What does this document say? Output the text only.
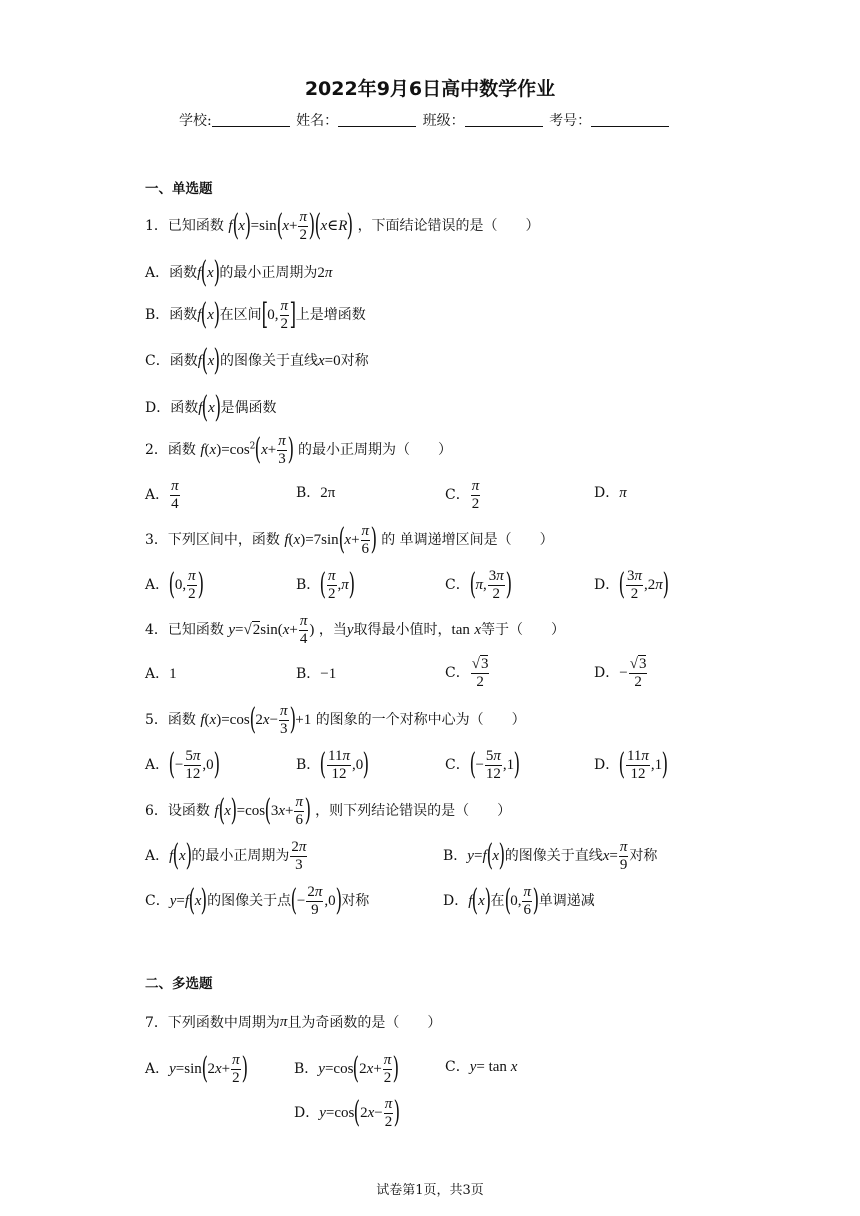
2022年9月6日高中数学作业
学校:	姓名：	班级：	考号：
一、单选题
1．已知函数 $f(x)=\sin(x+ \frac{\pi}{2}$ )(x∈R) ，下面结论错误的是（　　）
A．函数f(x)的最小正周期为2π
B．函数f(x)在区间[0, $\frac{\pi}{2}$ ]上是增函数
C．函数f(x)的图像关于直线x=0对称
D．函数f(x)是偶函数
2．函数 $f(x)=\cos^2(x+ \frac{\pi}{3}$ ) 的最小正周期为（　　）
A． $\frac{\pi}{4}$	B．2π	C． $\frac{\pi}{2}$	D．π
3．下列区间中，函数 $f(x)=7\sin(x+ \frac{\pi}{6}$ ) 的 单调递增区间是（　　）
A．(0, $\frac{\pi}{2}$ )	B．( $\frac{\pi}{2} ,\pi$)	C．(π, $\frac{3\pi}{2}$ )	D．( $\frac{3\pi}{2} ,2\pi$)
4．已知函数 $y=√2\sin(x+ \frac{\pi}{4}$ ) ，当y取得最小值时，tan x等于（　　）
A．1	B．−1	C． $\frac{√3}{2}$	D．− $\frac{√3}{2}$
5．函数 $f(x)=\cos(2x- \frac{\pi}{3} )+1$ 的图象的一个对称中心为（　　）
A．(− $\frac{5\pi}{12} ,0$)	B．( $\frac{11\pi}{12} ,0$)	C．(− $\frac{5\pi}{12} ,1$)	D．( $\frac{11\pi}{12} ,1$)
6．设函数 $f(x)=\cos(3x+ \frac{\pi}{6}$ ) ，则下列结论错误的是（　　）
A．f(x)的最小正周期为 $\frac{2\pi}{3}$	B．y=f(x)的图像关于直线$x= \frac{\pi}{9}$ 对称
C．y=f(x)的图像关于点(− $\frac{2\pi}{9} ,0$)对称	D．f(x)在(0, $\frac{\pi}{6}$ )单调递减
二、多选题
7．下列函数中周期为π且为奇函数的是（　　）
A．$y=\sin(2x+ \frac{\pi}{2}$ )	B．$y=\cos(2x+ \frac{\pi}{2}$ )	C．y= tan x
D．$y=\cos(2x- \frac{\pi}{2}$ )
试卷第1页，共3页
